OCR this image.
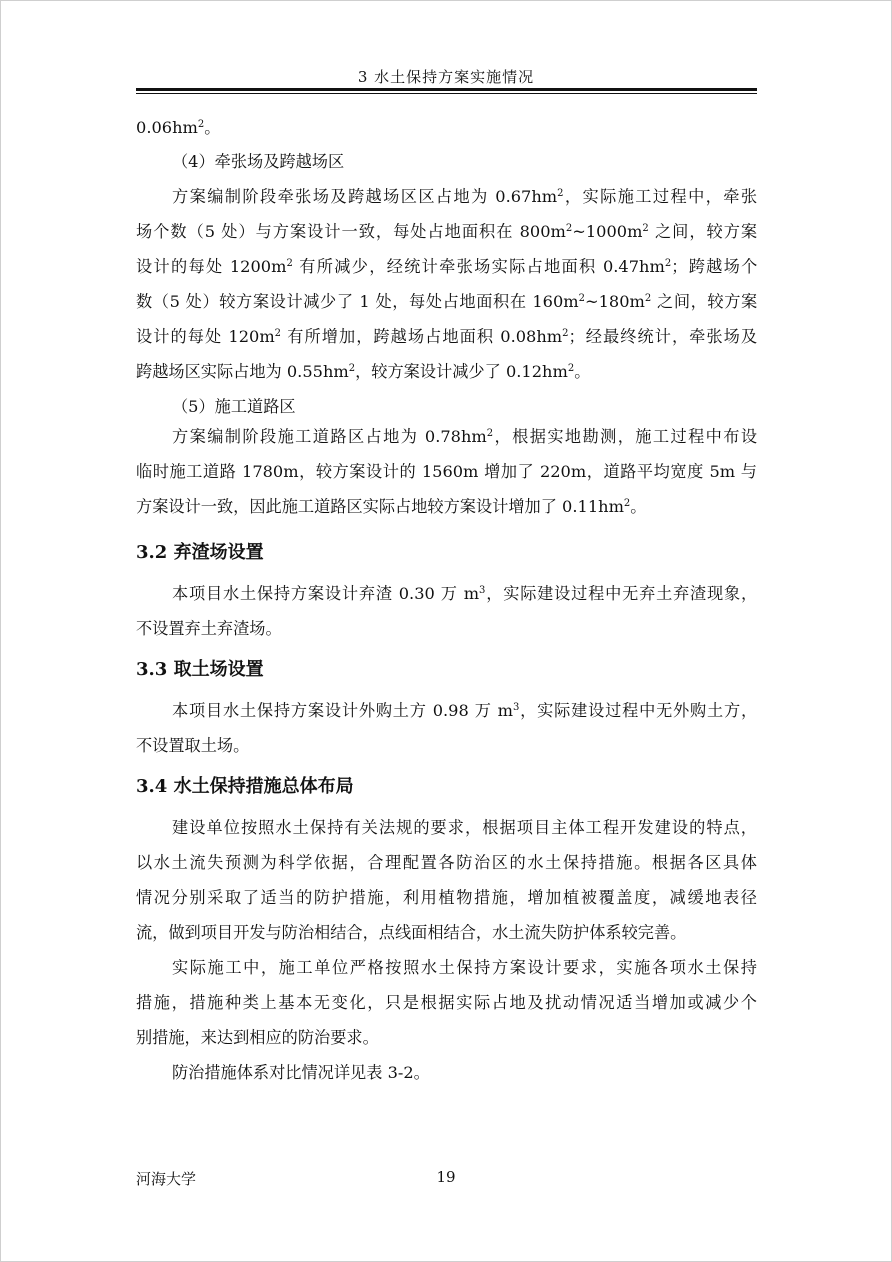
3 水土保持方案实施情况
$0.06hm^2$。
（4）牵张场及跨越场区
方案编制阶段牵张场及跨越场区区占地为 $0.67hm^2$，实际施工过程中，牵张
场个数（5 处）与方案设计一致，每处占地面积在 $800m^2\sim 1000m^2$ 之间，较方案
设计的每处 $1200m^2$ 有所减少，经统计牵张场实际占地面积 $0.47hm^2$；跨越场个
数（5 处）较方案设计减少了 1 处，每处占地面积在 $160m^2\sim 180m^2$ 之间，较方案
设计的每处 $120m^2$ 有所增加，跨越场占地面积 $0.08hm^2$；经最终统计，牵张场及
跨越场区实际占地为 $0.55hm^2$，较方案设计减少了 $0.12hm^2$。
（5）施工道路区
方案编制阶段施工道路区占地为 $0.78hm^2$，根据实地勘测，施工过程中布设
临时施工道路 1780m，较方案设计的 1560m 增加了 220m，道路平均宽度 5m 与
方案设计一致，因此施工道路区实际占地较方案设计增加了 $0.11hm^2$。
3.2 弃渣场设置
本项目水土保持方案设计弃渣 0.30 万 $m^3$，实际建设过程中无弃土弃渣现象，
不设置弃土弃渣场。
3.3 取土场设置
本项目水土保持方案设计外购土方 0.98 万 $m^3$，实际建设过程中无外购土方，
不设置取土场。
3.4 水土保持措施总体布局
建设单位按照水土保持有关法规的要求，根据项目主体工程开发建设的特点，
以水土流失预测为科学依据，合理配置各防治区的水土保持措施。根据各区具体
情况分别采取了适当的防护措施，利用植物措施，增加植被覆盖度，减缓地表径
流，做到项目开发与防治相结合，点线面相结合，水土流失防护体系较完善。
实际施工中，施工单位严格按照水土保持方案设计要求，实施各项水土保持
措施，措施种类上基本无变化，只是根据实际占地及扰动情况适当增加或减少个
别措施，来达到相应的防治要求。
防治措施体系对比情况详见表 3-2。
河海大学	19
